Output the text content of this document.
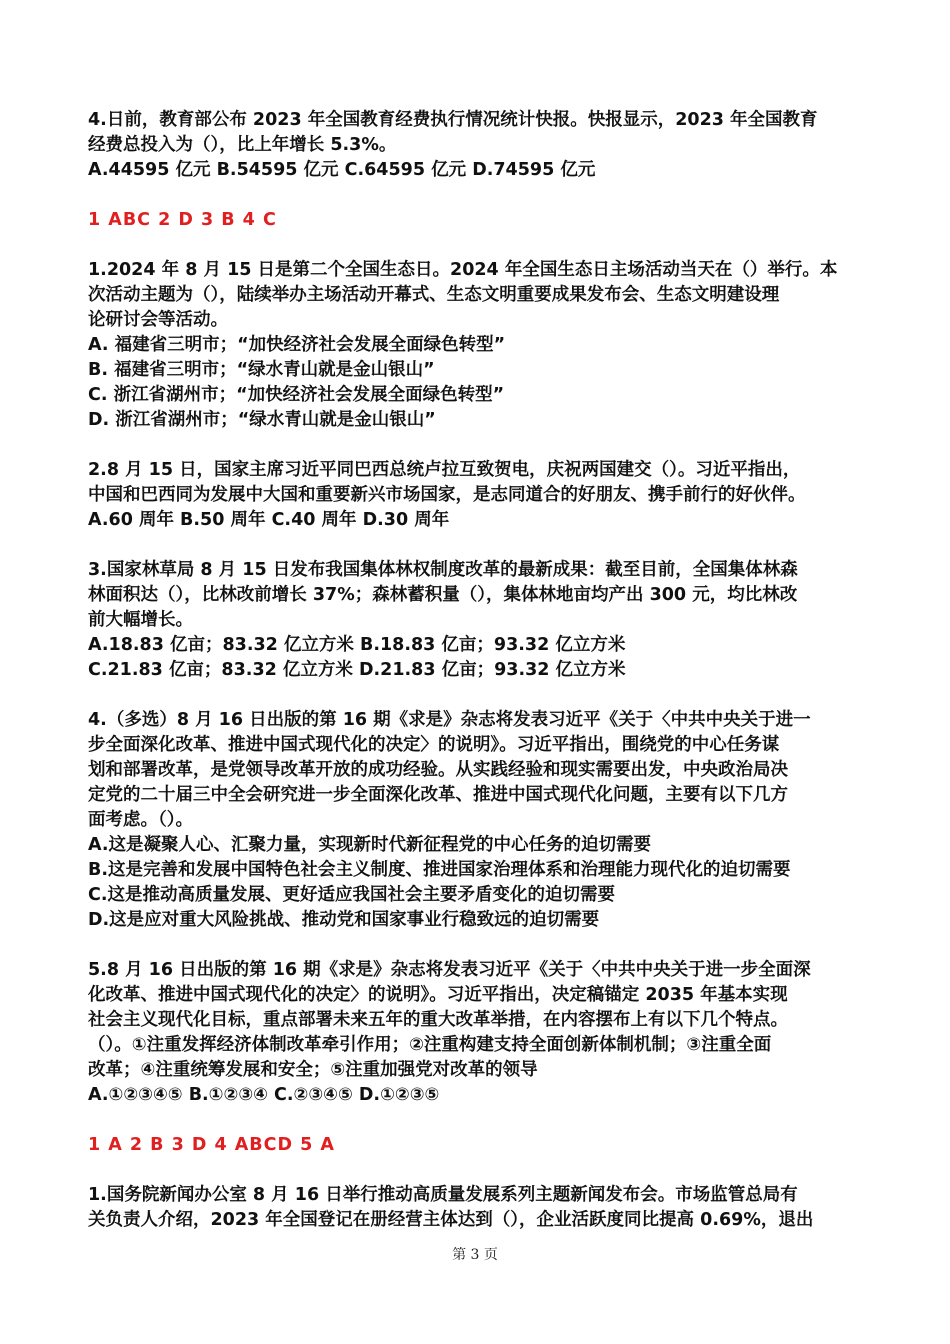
4.日前，教育部公布 2023 年全国教育经费执行情况统计快报。快报显示，2023 年全国教育
经费总投入为（），比上年增长 5.3%。
A.44595 亿元 B.54595 亿元 C.64595 亿元 D.74595 亿元
1 ABC 2 D 3 B 4 C
1.2024 年 8 月 15 日是第二个全国生态日。2024 年全国生态日主场活动当天在（）举行。本
次活动主题为（），陆续举办主场活动开幕式、生态文明重要成果发布会、生态文明建设理
论研讨会等活动。
A. 福建省三明市；“加快经济社会发展全面绿色转型”
B. 福建省三明市；“绿水青山就是金山银山”
C. 浙江省湖州市；“加快经济社会发展全面绿色转型”
D. 浙江省湖州市；“绿水青山就是金山银山”
2.8 月 15 日，国家主席习近平同巴西总统卢拉互致贺电，庆祝两国建交（）。习近平指出，
中国和巴西同为发展中大国和重要新兴市场国家，是志同道合的好朋友、携手前行的好伙伴。
A.60 周年 B.50 周年 C.40 周年 D.30 周年
3.国家林草局 8 月 15 日发布我国集体林权制度改革的最新成果：截至目前，全国集体林森
林面积达（），比林改前增长 37%；森林蓄积量（），集体林地亩均产出 300 元，均比林改
前大幅增长。
A.18.83 亿亩；83.32 亿立方米 B.18.83 亿亩；93.32 亿立方米
C.21.83 亿亩；83.32 亿立方米 D.21.83 亿亩；93.32 亿立方米
4.（多选）8 月 16 日出版的第 16 期《求是》杂志将发表习近平《关于〈中共中央关于进一
步全面深化改革、推进中国式现代化的决定〉的说明》。习近平指出，围绕党的中心任务谋
划和部署改革，是党领导改革开放的成功经验。从实践经验和现实需要出发，中央政治局决
定党的二十届三中全会研究进一步全面深化改革、推进中国式现代化问题，主要有以下几方
面考虑。（）。
A.这是凝聚人心、汇聚力量，实现新时代新征程党的中心任务的迫切需要
B.这是完善和发展中国特色社会主义制度、推进国家治理体系和治理能力现代化的迫切需要
C.这是推动高质量发展、更好适应我国社会主要矛盾变化的迫切需要
D.这是应对重大风险挑战、推动党和国家事业行稳致远的迫切需要
5.8 月 16 日出版的第 16 期《求是》杂志将发表习近平《关于〈中共中央关于进一步全面深
化改革、推进中国式现代化的决定〉的说明》。习近平指出，决定稿锚定 2035 年基本实现
社会主义现代化目标，重点部署未来五年的重大改革举措，在内容摆布上有以下几个特点。
（）。①注重发挥经济体制改革牵引作用；②注重构建支持全面创新体制机制；③注重全面
改革；④注重统筹发展和安全；⑤注重加强党对改革的领导
A.①②③④⑤ B.①②③④ C.②③④⑤ D.①②③⑤
1 A 2 B 3 D 4 ABCD 5 A
1.国务院新闻办公室 8 月 16 日举行推动高质量发展系列主题新闻发布会。市场监管总局有
关负责人介绍，2023 年全国登记在册经营主体达到（），企业活跃度同比提高 0.69%，退出
第 3 页
